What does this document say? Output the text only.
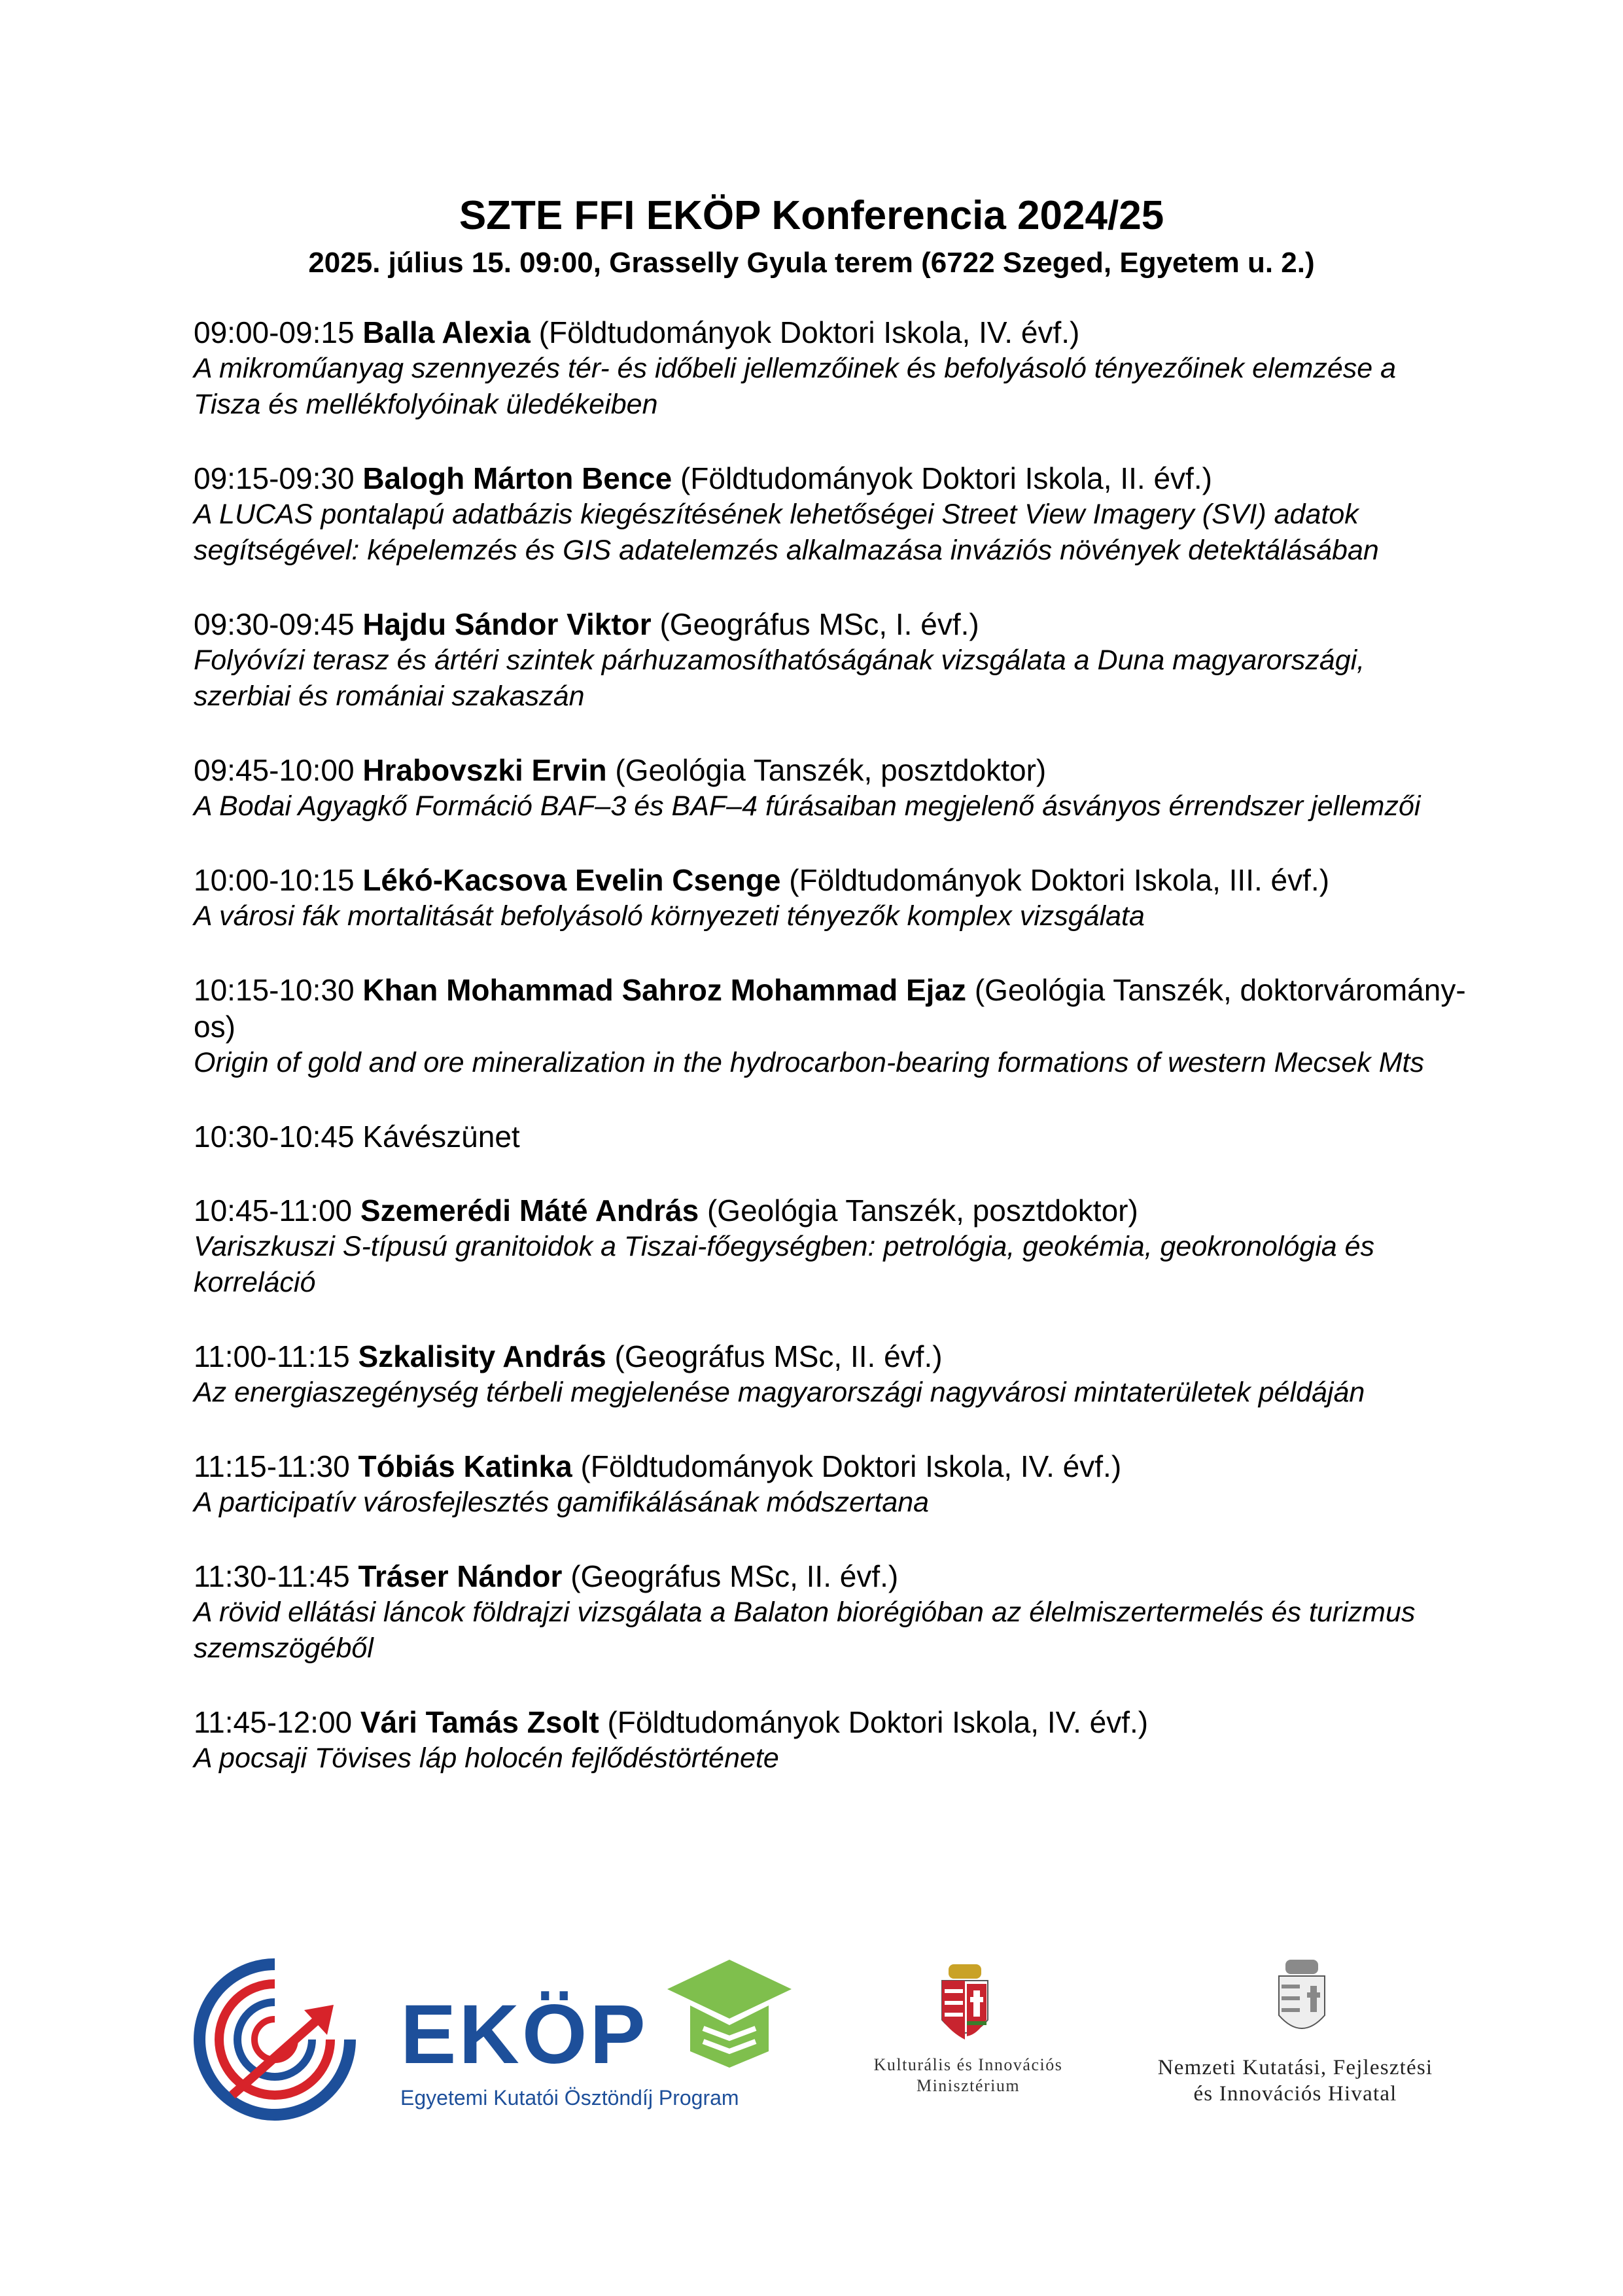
SZTE FFI EKÖP Konferencia 2024/25
2025. július 15. 09:00, Grasselly Gyula terem (6722 Szeged, Egyetem u. 2.)
09:00-09:15 Balla Alexia (Földtudományok Doktori Iskola, IV. évf.)
A mikroműanyag szennyezés tér- és időbeli jellemzőinek és befolyásoló tényezőinek elemzése a Tisza és mellékfolyóinak üledékeiben
09:15-09:30 Balogh Márton Bence (Földtudományok Doktori Iskola, II. évf.)
A LUCAS pontalapú adatbázis kiegészítésének lehetőségei Street View Imagery (SVI) adatok segítségével: képelemzés és GIS adatelemzés alkalmazása inváziós növények detektálásában
09:30-09:45 Hajdu Sándor Viktor (Geográfus MSc, I. évf.)
Folyóvízi terasz és ártéri szintek párhuzamosíthatóságának vizsgálata a Duna magyarországi, szerbiai és romániai szakaszán
09:45-10:00 Hrabovszki Ervin (Geológia Tanszék, posztdoktor)
A Bodai Agyagkő Formáció BAF–3 és BAF–4 fúrásaiban megjelenő ásványos érrendszer jellemzői
10:00-10:15 Lékó-Kacsova Evelin Csenge (Földtudományok Doktori Iskola, III. évf.)
A városi fák mortalitását befolyásoló környezeti tényezők komplex vizsgálata
10:15-10:30 Khan Mohammad Sahroz Mohammad Ejaz (Geológia Tanszék, doktorvárományos)
Origin of gold and ore mineralization in the hydrocarbon-bearing formations of western Mecsek Mts
10:30-10:45 Kávészünet
10:45-11:00 Szemerédi Máté András (Geológia Tanszék, posztdoktor)
Variszkuszi S-típusú granitoidok a Tiszai-főegységben: petrológia, geokémia, geokronológia és korreláció
11:00-11:15 Szkalisity András (Geográfus MSc, II. évf.)
Az energiaszegénység térbeli megjelenése magyarországi nagyvárosi mintaterületek példáján
11:15-11:30 Tóbiás Katinka (Földtudományok Doktori Iskola, IV. évf.)
A participatív városfejlesztés gamifikálásának módszertana
11:30-11:45 Tráser Nándor (Geográfus MSc, II. évf.)
A rövid ellátási láncok földrajzi vizsgálata a Balaton biorégióban az élelmiszertermelés és turizmus szemszögéből
11:45-12:00 Vári Tamás Zsolt (Földtudományok Doktori Iskola, IV. évf.)
A pocsaji Tövises láp holocén fejlődéstörténete
EKÖP
Egyetemi Kutatói Ösztöndíj Program
Kulturális és Innovációs
Minisztérium
Nemzeti Kutatási, Fejlesztési
és Innovációs Hivatal
